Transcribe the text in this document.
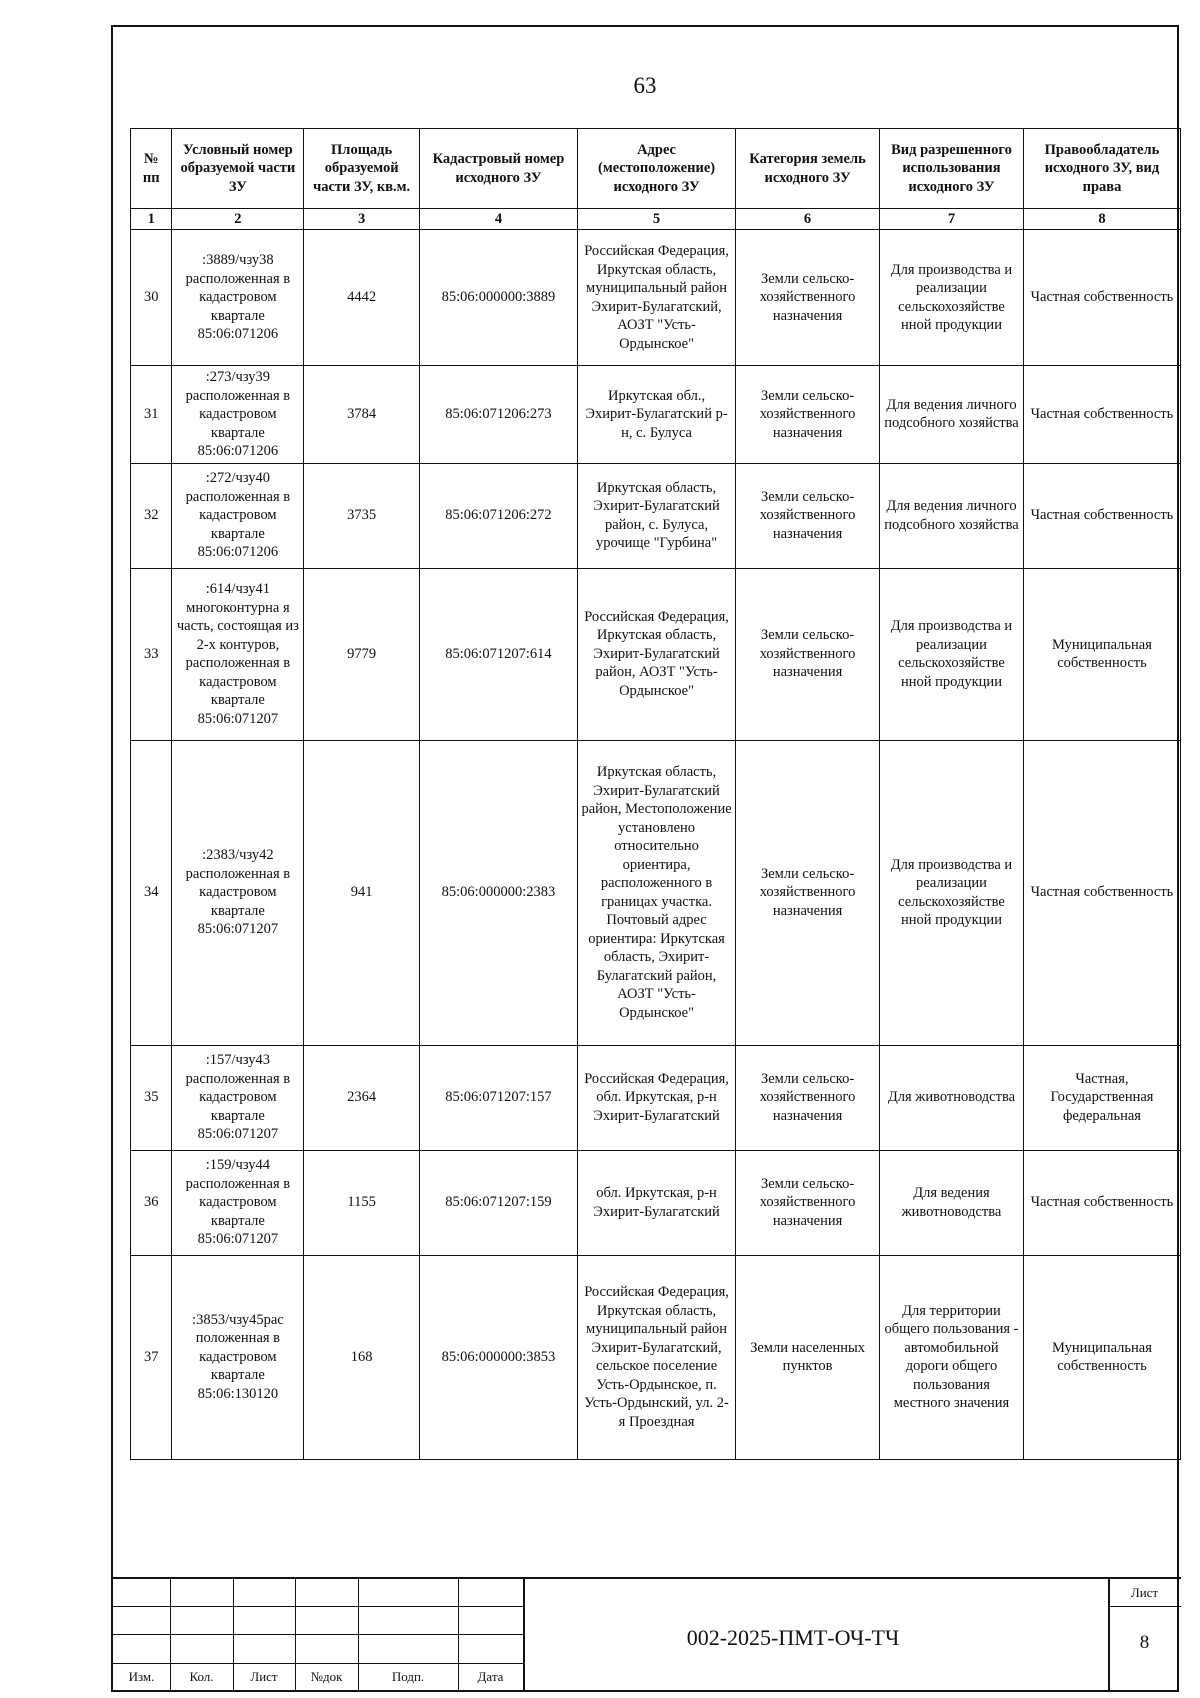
63
№ пп	Условный номер образуемой части ЗУ	Площадь образуемой части ЗУ, кв.м.	Кадастровый номер исходного ЗУ	Адрес (местоположение) исходного ЗУ	Категория земель исходного ЗУ	Вид разрешенного использования исходного ЗУ	Правообладатель исходного ЗУ, вид права
1	2	3	4	5	6	7	8
30	:3889/чзу38 расположенная в кадастровом квартале 85:06:071206	4442	85:06:000000:3889	Российская Федерация, Иркутская область, муниципальный район Эхирит-Булагатский, АОЗТ "Усть-Ордынское"	Земли сельско-хозяйственного назначения	Для производства и реализации сельскохозяйстве нной продукции	Частная собственность
31	:273/чзу39 расположенная в кадастровом квартале 85:06:071206	3784	85:06:071206:273	Иркутская обл., Эхирит-Булагатский р-н, с. Булуса	Земли сельско-хозяйственного назначения	Для ведения личного подсобного хозяйства	Частная собственность
32	:272/чзу40 расположенная в кадастровом квартале 85:06:071206	3735	85:06:071206:272	Иркутская область, Эхирит-Булагатский район, с. Булуса, урочище "Гурбина"	Земли сельско-хозяйственного назначения	Для ведения личного подсобного хозяйства	Частная собственность
33	:614/чзу41 многоконтурна я часть, состоящая из 2-х контуров, расположенная в кадастровом квартале 85:06:071207	9779	85:06:071207:614	Российская Федерация, Иркутская область, Эхирит-Булагатский район, АОЗТ "Усть-Ордынское"	Земли сельско-хозяйственного назначения	Для производства и реализации сельскохозяйстве нной продукции	Муниципальная собственность
34	:2383/чзу42 расположенная в кадастровом квартале 85:06:071207	941	85:06:000000:2383	Иркутская область, Эхирит-Булагатский район, Местоположение установлено относительно ориентира, расположенного в границах участка. Почтовый адрес ориентира: Иркутская область, Эхирит-Булагатский район, АОЗТ "Усть-Ордынское"	Земли сельско-хозяйственного назначения	Для производства и реализации сельскохозяйстве нной продукции	Частная собственность
35	:157/чзу43 расположенная в кадастровом квартале 85:06:071207	2364	85:06:071207:157	Российская Федерация, обл. Иркутская, р-н Эхирит-Булагатский	Земли сельско-хозяйственного назначения	Для животноводства	Частная, Государственная федеральная
36	:159/чзу44 расположенная в кадастровом квартале 85:06:071207	1155	85:06:071207:159	обл. Иркутская, р-н Эхирит-Булагатский	Земли сельско-хозяйственного назначения	Для ведения животноводства	Частная собственность
37	:3853/чзу45рас положенная в кадастровом квартале 85:06:130120	168	85:06:000000:3853	Российская Федерация, Иркутская область, муниципальный район Эхирит-Булагатский, сельское поселение Усть-Ордынское, п. Усть-Ордынский, ул. 2-я Проездная	Земли населенных пунктов	Для территории общего пользования - автомобильной дороги общего пользования местного значения	Муниципальная собственность
Изм.	Кол.	Лист	№док	Подп.	Дата
002-2025-ПМТ-ОЧ-ТЧ
Лист
8
